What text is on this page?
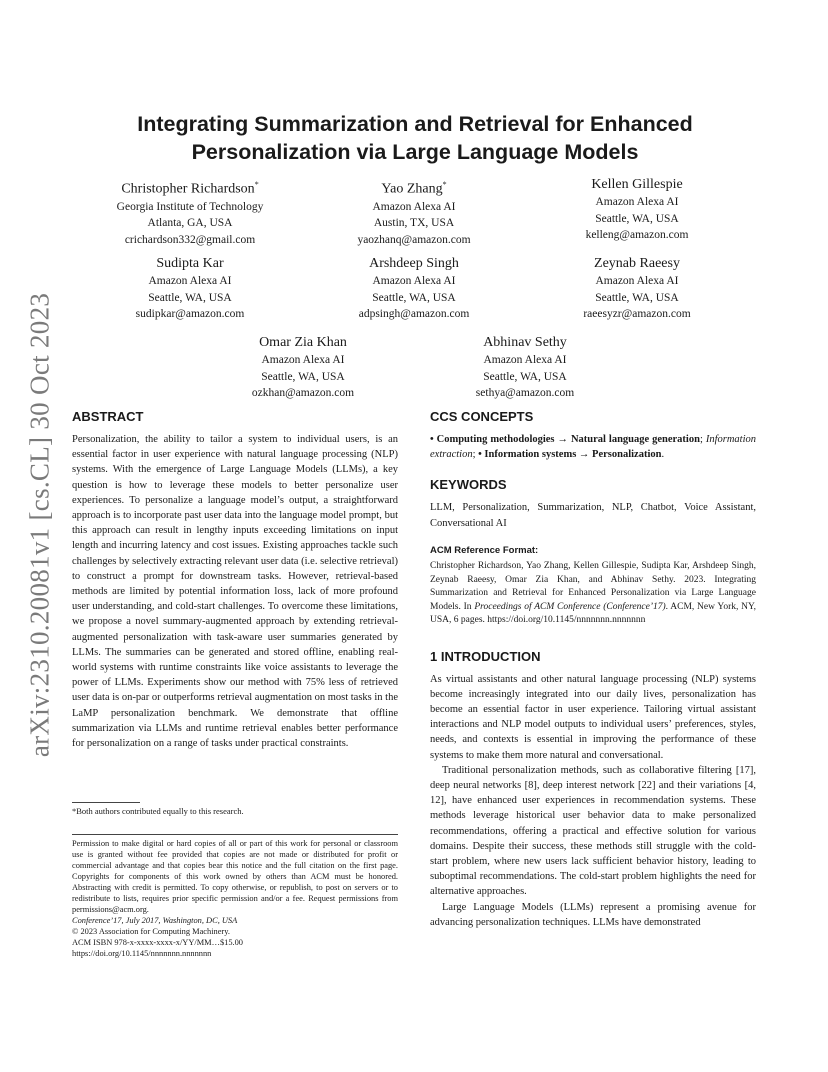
arXiv:2310.20081v1 [cs.CL] 30 Oct 2023
Integrating Summarization and Retrieval for Enhanced Personalization via Large Language Models
Christopher Richardson*
Georgia Institute of Technology
Atlanta, GA, USA
crichardson332@gmail.com
Yao Zhang*
Amazon Alexa AI
Austin, TX, USA
yaozhanq@amazon.com
Kellen Gillespie
Amazon Alexa AI
Seattle, WA, USA
kelleng@amazon.com
Sudipta Kar
Amazon Alexa AI
Seattle, WA, USA
sudipkar@amazon.com
Arshdeep Singh
Amazon Alexa AI
Seattle, WA, USA
adpsingh@amazon.com
Zeynab Raeesy
Amazon Alexa AI
Seattle, WA, USA
raeesyzr@amazon.com
Omar Zia Khan
Amazon Alexa AI
Seattle, WA, USA
ozkhan@amazon.com
Abhinav Sethy
Amazon Alexa AI
Seattle, WA, USA
sethya@amazon.com
ABSTRACT

Personalization, the ability to tailor a system to individual users, is an essential factor in user experience with natural language processing (NLP) systems. With the emergence of Large Language Models (LLMs), a key question is how to leverage these models to better personalize user experiences. To personalize a language model’s output, a straightforward approach is to incorporate past user data into the language model prompt, but this approach can result in lengthy inputs exceeding limitations on input length and incurring latency and cost issues. Existing approaches tackle such challenges by selectively extracting relevant user data (i.e. selective retrieval) to construct a prompt for downstream tasks. However, retrieval-based methods are limited by potential information loss, lack of more profound user understanding, and cold-start challenges. To overcome these limitations, we propose a novel summary-augmented approach by extending retrieval-augmented personalization with task-aware user summaries generated by LLMs. The summaries can be generated and stored offline, enabling real-world systems with runtime constraints like voice assistants to leverage the power of LLMs. Experiments show our method with 75% less of retrieved user data is on-par or outperforms retrieval augmentation on most tasks in the LaMP personalization benchmark. We demonstrate that offline summarization via LLMs and runtime retrieval enables better performance for personalization on a range of tasks under practical constraints.

*Both authors contributed equally to this research.
Permission to make digital or hard copies of all or part of this work for personal or classroom use is granted without fee provided that copies are not made or distributed for profit or commercial advantage and that copies bear this notice and the full citation on the first page. Copyrights for components of this work owned by others than ACM must be honored. Abstracting with credit is permitted. To copy otherwise, or republish, to post on servers or to redistribute to lists, requires prior specific permission and/or a fee. Request permissions from permissions@acm.org.
Conference’17, July 2017, Washington, DC, USA
© 2023 Association for Computing Machinery.
ACM ISBN 978-x-xxxx-xxxx-x/YY/MM…$15.00
https://doi.org/10.1145/nnnnnnn.nnnnnnn
CCS CONCEPTS

• Computing methodologies → Natural language generation; Information extraction; • Information systems → Personalization.

KEYWORDS

LLM, Personalization, Summarization, NLP, Chatbot, Voice Assistant, Conversational AI

ACM Reference Format:

Christopher Richardson, Yao Zhang, Kellen Gillespie, Sudipta Kar, Arshdeep Singh, Zeynab Raeesy, Omar Zia Khan, and Abhinav Sethy. 2023. Integrating Summarization and Retrieval for Enhanced Personalization via Large Language Models. In Proceedings of ACM Conference (Conference’17). ACM, New York, NY, USA, 6 pages. https://doi.org/10.1145/nnnnnnn.nnnnnnn

1 INTRODUCTION

As virtual assistants and other natural language processing (NLP) systems become increasingly integrated into our daily lives, personalization has become an essential factor in user experience. Tailoring virtual assistant interactions and NLP model outputs to individual users’ preferences, styles, needs, and contexts is essential in improving the performance of these systems to make them more natural and conversational.

Traditional personalization methods, such as collaborative filtering [17], deep neural networks [8], deep interest network [22] and their variations [4, 12], have enhanced user experiences in recommendation systems. These methods leverage historical user behavior data to make personalized recommendations, offering a practical and effective solution for various domains. Despite their success, these methods still struggle with the cold-start problem, where new users lack sufficient behavior history, leading to suboptimal recommendations. The cold-start problem highlights the need for alternative approaches.

Large Language Models (LLMs) represent a promising avenue for advancing personalization techniques. LLMs have demonstrated
